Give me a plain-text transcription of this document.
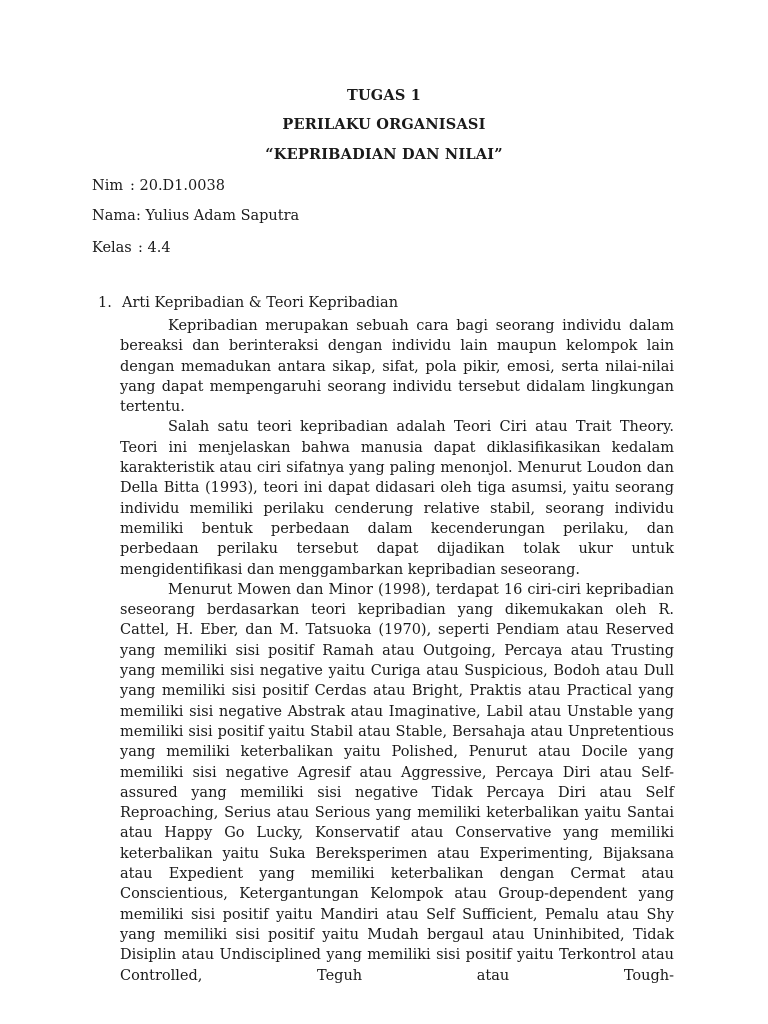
TUGAS 1
PERILAKU ORGANISASI
“KEPRIBADIAN DAN NILAI”
Nim : 20.D1.0038
Nama: Yulius Adam Saputra
Kelas : 4.4
1. Arti Kepribadian & Teori Kepribadian

Kepribadian merupakan sebuah cara bagi seorang individu dalam bereaksi dan berinteraksi dengan individu lain maupun kelompok lain dengan memadukan antara sikap, sifat, pola pikir, emosi, serta nilai-nilai yang dapat mempengaruhi seorang individu tersebut didalam lingkungan tertentu.

Salah satu teori kepribadian adalah Teori Ciri atau Trait Theory. Teori ini menjelaskan bahwa manusia dapat diklasifikasikan kedalam karakteristik atau ciri sifatnya yang paling menonjol. Menurut Loudon dan Della Bitta (1993), teori ini dapat didasari oleh tiga asumsi, yaitu seorang individu memiliki perilaku cenderung relative stabil, seorang individu memiliki bentuk perbedaan dalam kecenderungan perilaku, dan perbedaan perilaku tersebut dapat dijadikan tolak ukur untuk mengidentifikasi dan menggambarkan kepribadian seseorang.

Menurut Mowen dan Minor (1998), terdapat 16 ciri-ciri kepribadian seseorang berdasarkan teori kepribadian yang dikemukakan oleh R. Cattel, H. Eber, dan M. Tatsuoka (1970), seperti Pendiam atau Reserved yang memiliki sisi positif Ramah atau Outgoing, Percaya atau Trusting yang memiliki sisi negative yaitu Curiga atau Suspicious, Bodoh atau Dull yang memiliki sisi positif Cerdas atau Bright, Praktis atau Practical yang memiliki sisi negative Abstrak atau Imaginative, Labil atau Unstable yang memiliki sisi positif yaitu Stabil atau Stable, Bersahaja atau Unpretentious yang memiliki keterbalikan yaitu Polished, Penurut atau Docile yang memiliki sisi negative Agresif atau Aggressive, Percaya Diri atau Self-assured yang memiliki sisi negative Tidak Percaya Diri atau Self Reproaching, Serius atau Serious yang memiliki keterbalikan yaitu Santai atau Happy Go Lucky, Konservatif atau Conservative yang memiliki keterbalikan yaitu Suka Bereksperimen atau Experimenting, Bijaksana atau Expedient yang memiliki keterbalikan dengan Cermat atau Conscientious, Ketergantungan Kelompok atau Group-dependent yang memiliki sisi positif yaitu Mandiri atau Self Sufficient, Pemalu atau Shy yang memiliki sisi positif yaitu Mudah bergaul atau Uninhibited, Tidak Disiplin atau Undisciplined yang memiliki sisi positif yaitu Terkontrol atau Controlled, Teguh atau Tough-
